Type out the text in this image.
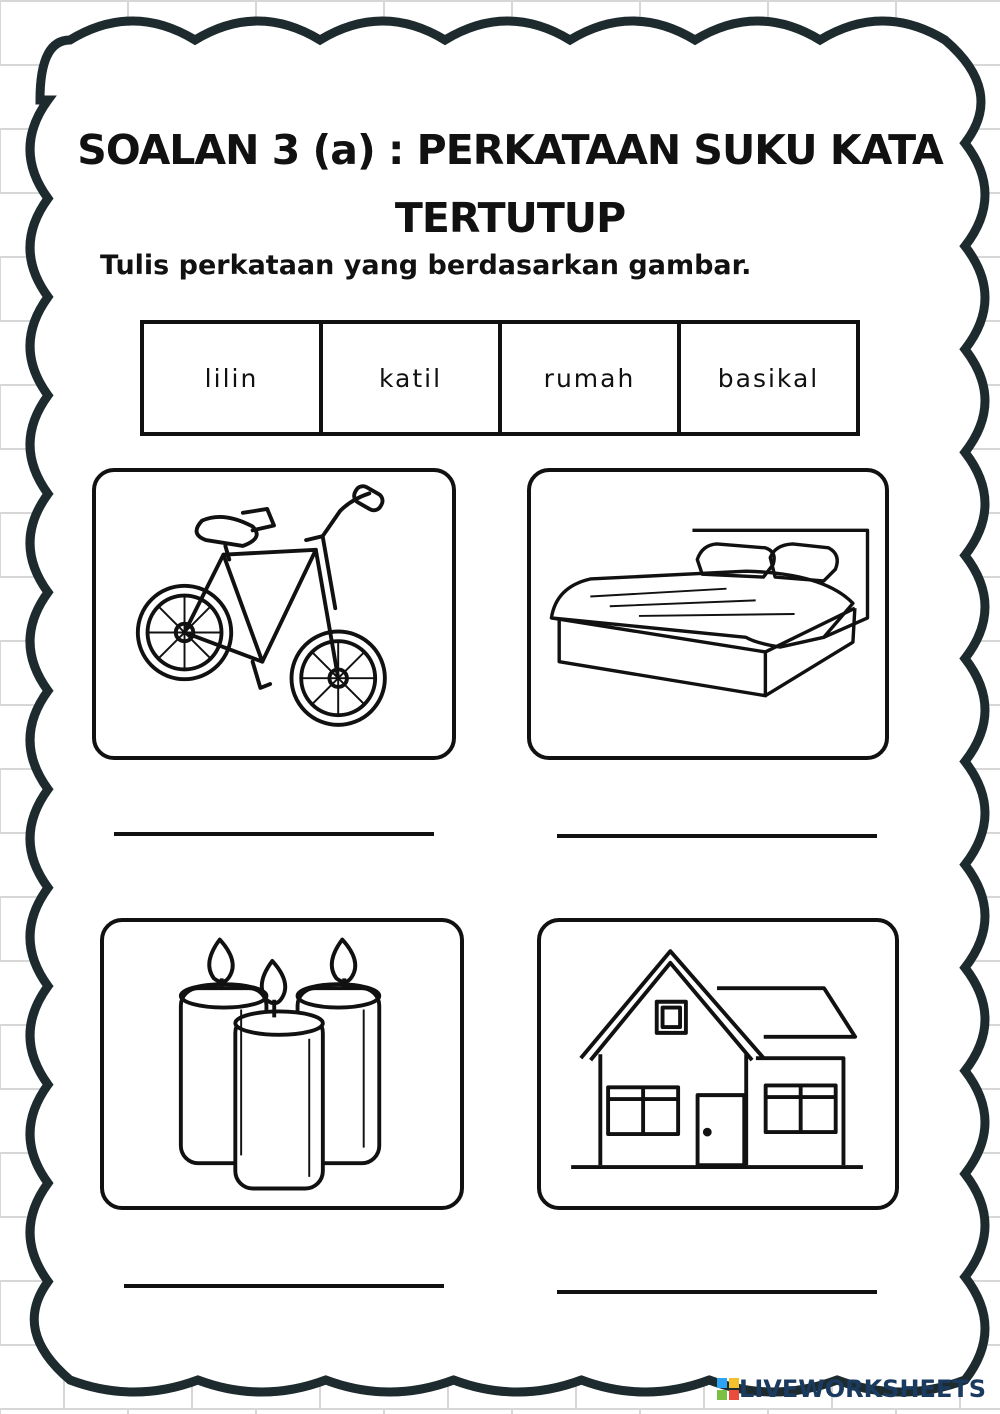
SOALAN 3 (a) : PERKATAAN SUKU KATA
TERTUTUP
Tulis perkataan yang berdasarkan gambar.
lilin	katil	rumah	basikal
LIVEWORKSHEETS
